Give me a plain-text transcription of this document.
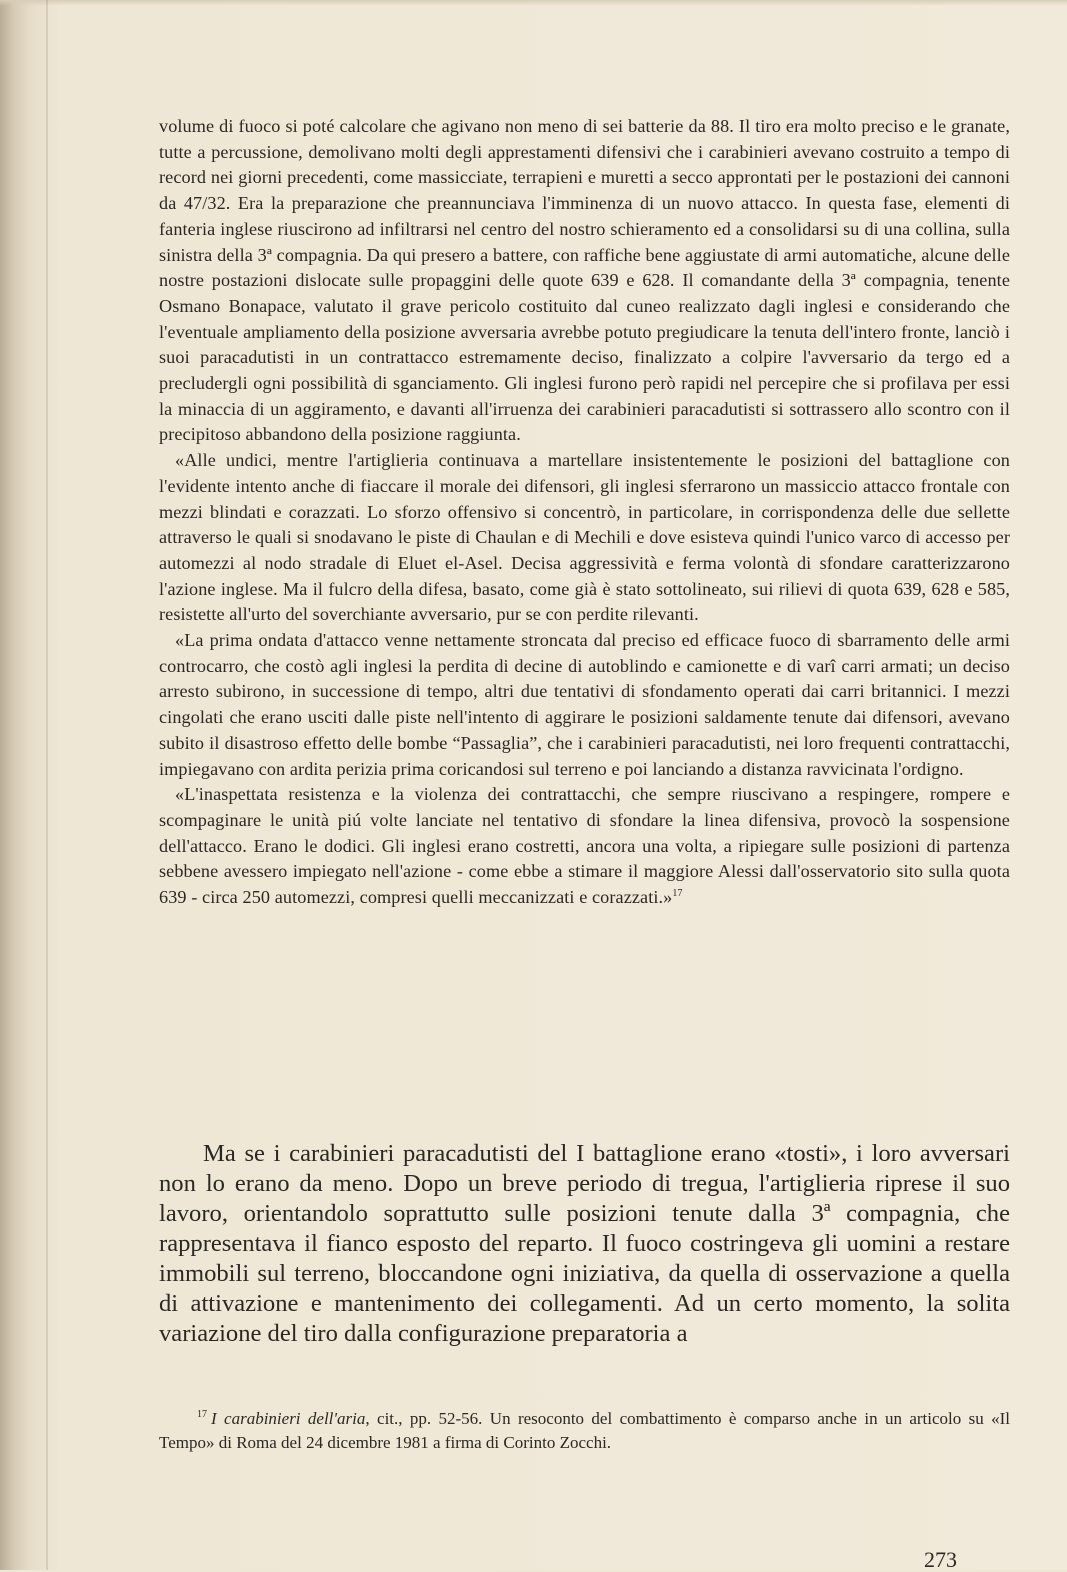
volume di fuoco si poté calcolare che agivano non meno di sei batterie da 88. Il tiro era molto preciso e le granate, tutte a percussione, demolivano molti degli apprestamenti difensivi che i carabinieri avevano costruito a tempo di record nei giorni precedenti, come massicciate, terrapieni e muretti a secco approntati per le postazioni dei cannoni da 47/32. Era la preparazione che preannunciava l'imminenza di un nuovo attacco. In questa fase, elementi di fanteria inglese riuscirono ad infiltrarsi nel centro del nostro schieramento ed a consolidarsi su di una collina, sulla sinistra della 3ª compagnia. Da qui presero a battere, con raffiche bene aggiustate di armi automatiche, alcune delle nostre postazioni dislocate sulle propaggini delle quote 639 e 628. Il comandante della 3ª compagnia, tenente Osmano Bonapace, valutato il grave pericolo costituito dal cuneo realizzato dagli inglesi e considerando che l'eventuale ampliamento della posizione avversaria avrebbe potuto pregiudicare la tenuta dell'intero fronte, lanciò i suoi paracadutisti in un contrattacco estremamente deciso, finalizzato a colpire l'avversario da tergo ed a precludergli ogni possibilità di sganciamento. Gli inglesi furono però rapidi nel percepire che si profilava per essi la minaccia di un aggiramento, e davanti all'irruenza dei carabinieri paracadutisti si sottrassero allo scontro con il precipitoso abbandono della posizione raggiunta.

«Alle undici, mentre l'artiglieria continuava a martellare insistentemente le posizioni del battaglione con l'evidente intento anche di fiaccare il morale dei difensori, gli inglesi sferrarono un massiccio attacco frontale con mezzi blindati e corazzati. Lo sforzo offensivo si concentrò, in particolare, in corrispondenza delle due sellette attraverso le quali si snodavano le piste di Chaulan e di Mechili e dove esisteva quindi l'unico varco di accesso per automezzi al nodo stradale di Eluet el-Asel. Decisa aggressività e ferma volontà di sfondare caratterizzarono l'azione inglese. Ma il fulcro della difesa, basato, come già è stato sottolineato, sui rilievi di quota 639, 628 e 585, resistette all'urto del soverchiante avversario, pur se con perdite rilevanti.

«La prima ondata d'attacco venne nettamente stroncata dal preciso ed efficace fuoco di sbarramento delle armi controcarro, che costò agli inglesi la perdita di decine di autoblindo e camionette e di varî carri armati; un deciso arresto subirono, in successione di tempo, altri due tentativi di sfondamento operati dai carri britannici. I mezzi cingolati che erano usciti dalle piste nell'intento di aggirare le posizioni saldamente tenute dai difensori, avevano subito il disastroso effetto delle bombe “Passaglia”, che i carabinieri paracadutisti, nei loro frequenti contrattacchi, impiegavano con ardita perizia prima coricandosi sul terreno e poi lanciando a distanza ravvicinata l'ordigno.

«L'inaspettata resistenza e la violenza dei contrattacchi, che sempre riuscivano a respingere, rompere e scompaginare le unità piú volte lanciate nel tentativo di sfondare la linea difensiva, provocò la sospensione dell'attacco. Erano le dodici. Gli inglesi erano costretti, ancora una volta, a ripiegare sulle posizioni di partenza sebbene avessero impiegato nell'azione - come ebbe a stimare il maggiore Alessi dall'osservatorio sito sulla quota 639 - circa 250 automezzi, compresi quelli meccanizzati e corazzati.»$^{17}$

Ma se i carabinieri paracadutisti del I battaglione erano «tosti», i loro avversari non lo erano da meno. Dopo un breve periodo di tregua, l'artiglieria riprese il suo lavoro, orientandolo soprattutto sulle posizioni tenute dalla 3ª compagnia, che rappresentava il fianco esposto del reparto. Il fuoco costringeva gli uomini a restare immobili sul terreno, bloccandone ogni iniziativa, da quella di osservazione a quella di attivazione e mantenimento dei collegamenti. Ad un certo momento, la solita variazione del tiro dalla configurazione preparatoria a

$^{17}$ I carabinieri dell'aria, cit., pp. 52-56. Un resoconto del combattimento è comparso anche in un articolo su «Il Tempo» di Roma del 24 dicembre 1981 a firma di Corinto Zocchi.
273
